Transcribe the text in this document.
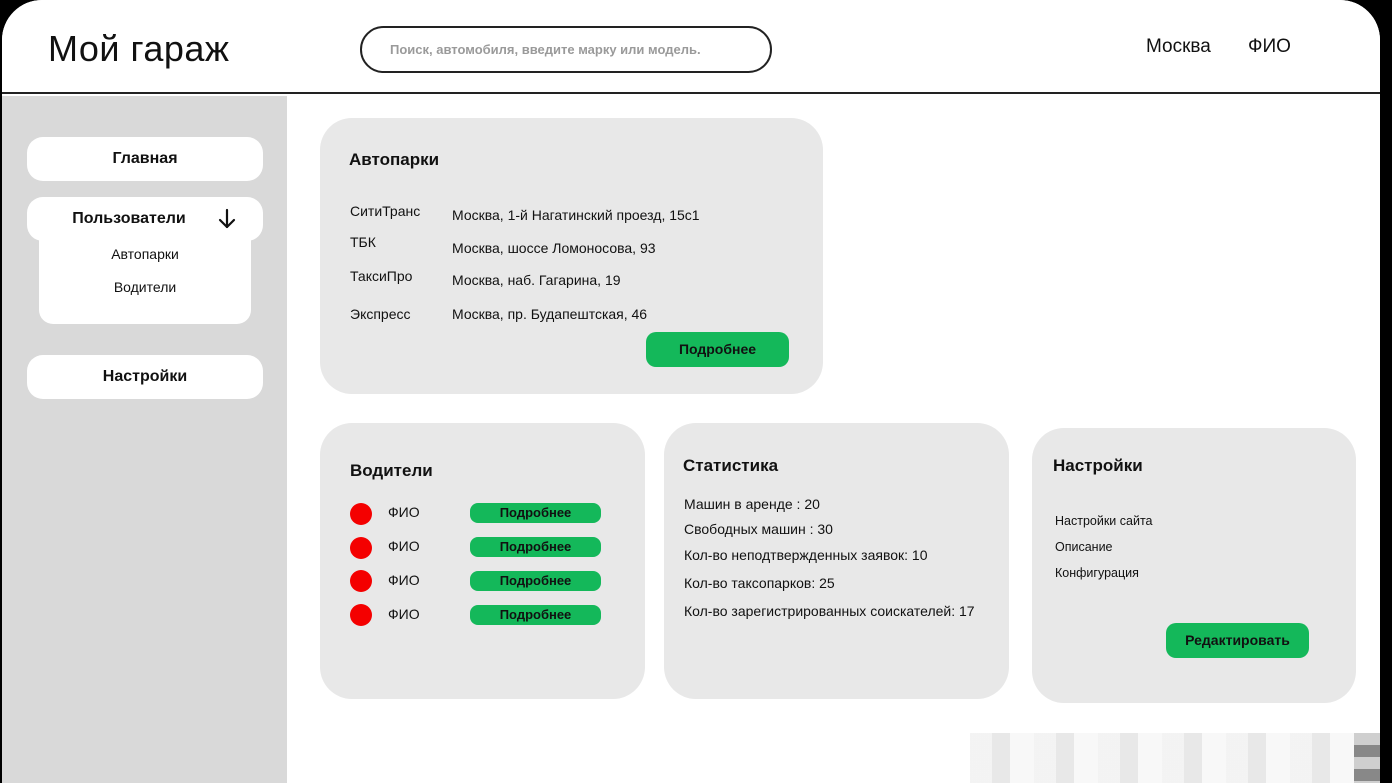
Мой гараж	Поиск, автомобиля, введите марку или модель.	Москва ФИО
Главная
Автопарки
Водители
Пользователи
Настройки
Автопарки
СитиТранс Москва, 1-й Нагатинский проезд, 15с1
ТБК	Москва, шоссе Ломоносова, 93
ТаксиПро	Москва, наб. Гагарина, 19
Экспресс	Москва, пр. Будапештская, 46
Подробнее
Водители
ФИО	Подробнее
ФИО	Подробнее
ФИО	Подробнее
ФИО	Подробнее
Статистика
Машин в аренде : 20
Свободных машин : 30
Кол-во неподтвержденных заявок: 10
Кол-во таксопарков: 25
Кол-во зарегистрированных соискателей: 17
Настройки
Настройки сайта
Описание
Конфигурация
Редактировать
